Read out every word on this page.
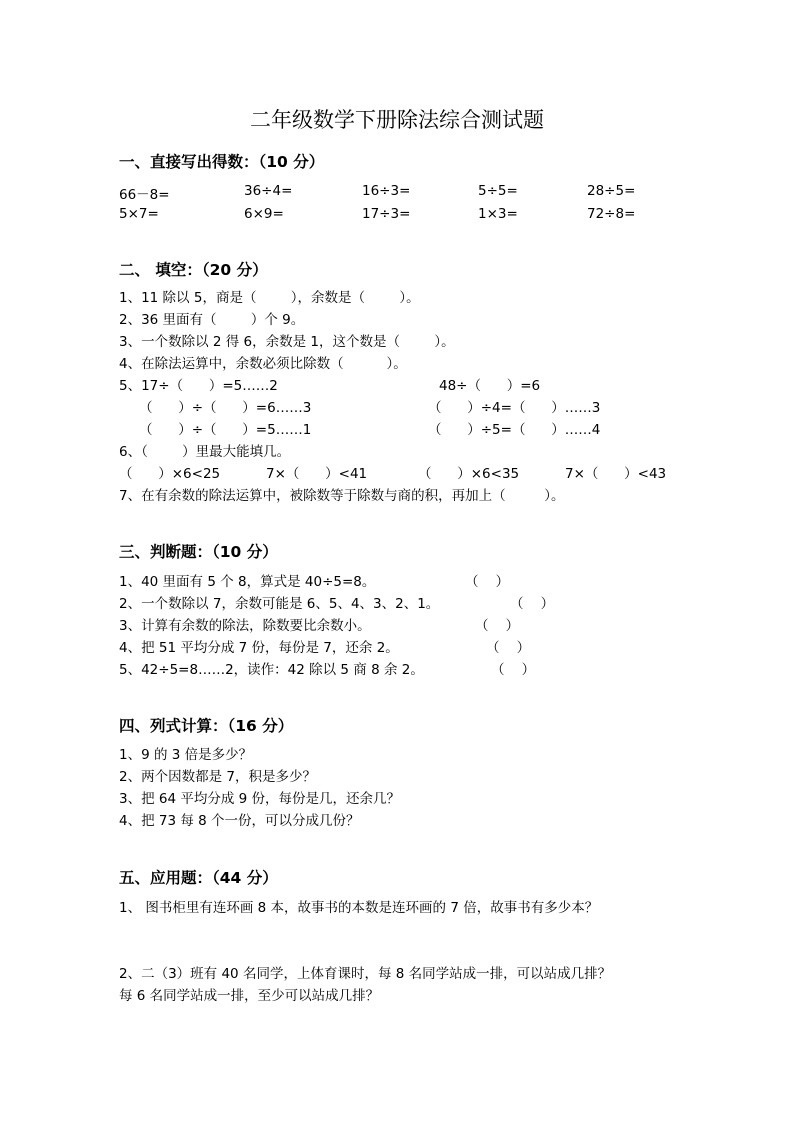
二年级数学下册除法综合测试题
一、直接写出得数：（10 分）
66－8=	36÷4=	16÷3=	5÷5=	28÷5=
5×7=	6×9=	17÷3=	1×3=	72÷8=
二、 填空：（20 分）
1、11 除以 5，商是（        ），余数是（        ）。
2、36 里面有（        ）个 9。
3、一个数除以 2 得 6，余数是 1，这个数是（        ）。
4、在除法运算中，余数必须比除数（          ）。
5、17÷（      ）=5……2	48÷（      ）=6
（      ）÷（      ）=6……3	（      ）÷4=（      ）……3
（      ）÷（      ）=5……1	（      ）÷5=（      ）……4
6、（        ）里最大能填几。
（      ）×6<25	7×（      ）<41	（      ）×6<35	7×（      ）<43
7、在有余数的除法运算中，被除数等于除数与商的积，再加上（         ）。
三、判断题：（10 分）
1、40 里面有 5 个 8，算式是 40÷5=8。	（    ）
2、一个数除以 7，余数可能是 6、5、4、3、2、1。	（    ）
3、计算有余数的除法，除数要比余数小。	（    ）
4、把 51 平均分成 7 份，每份是 7，还余 2。	（    ）
5、42÷5=8……2，读作：42 除以 5 商 8 余 2。	（    ）
四、列式计算：（16 分）
1、9 的 3 倍是多少？
2、两个因数都是 7，积是多少？
3、把 64 平均分成 9 份，每份是几，还余几？
4、把 73 每 8 个一份，可以分成几份？
五、应用题：（44 分）
1、 图书柜里有连环画 8 本，故事书的本数是连环画的 7 倍，故事书有多少本？
2、二（3）班有 40 名同学，上体育课时，每 8 名同学站成一排，可以站成几排？
每 6 名同学站成一排，至少可以站成几排？
